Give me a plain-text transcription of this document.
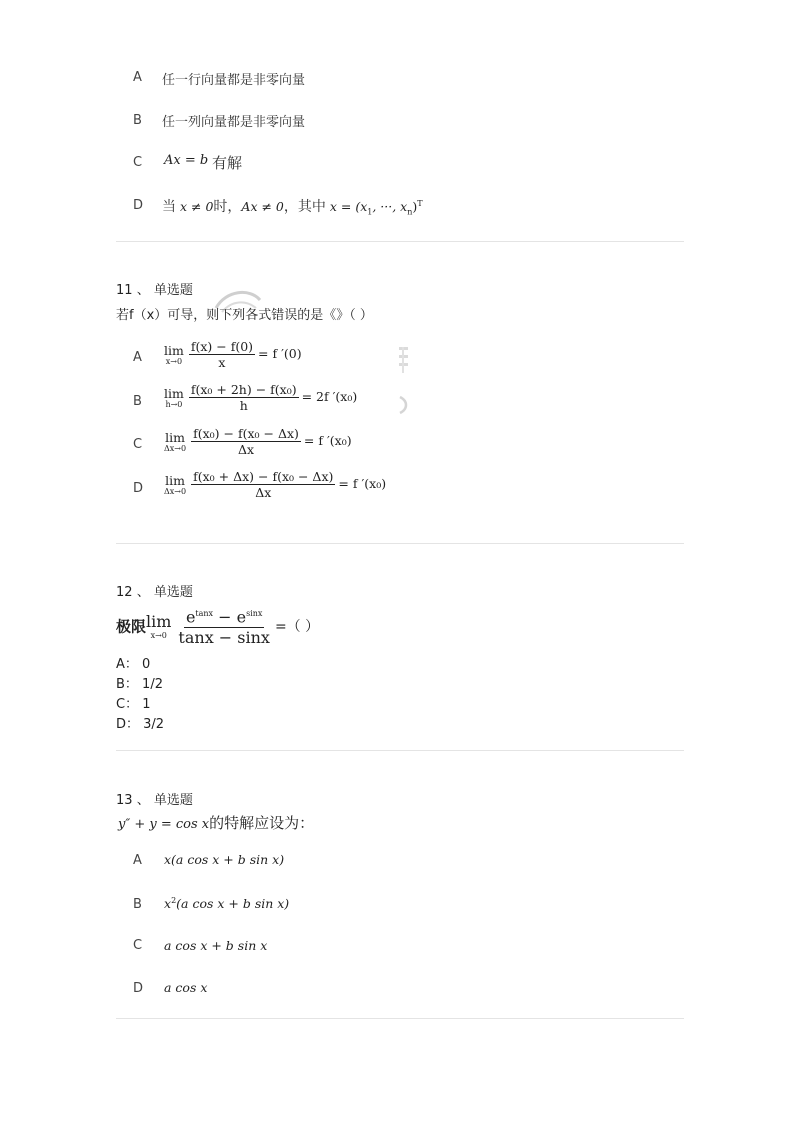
A 任一行向量都是非零向量
B 任一列向量都是非零向量
C Ax = b 有解
D 当 x ≠ 0时，Ax ≠ 0，其中 $x = (x_1$, ···, $x_n)^T$
11 、 单选题
若f（x）可导，则下列各式错误的是《》（ ）
A lim
$x\to 0 \frac{f(x) - f(0)}{x} = f$ ′(0)
B
lim
$h\to 0 \frac{\text{f(x₀ + 2h) − f(x₀)}}{h} = 2f$ ′(x₀)
C lim
$\Delta x\to 0 \frac{\text{f(x₀) − f(x₀ − Δx)}}{\Delta x} = f$ ′(x₀)
D
lim
$\Delta x\to 0 \frac{\text{f(x₀ + Δx) − f(x₀ − Δx)}}{\Delta x} = f$ ′(x₀)
12 、 单选题
极限 lim
$x\to 0 \frac{e^{tanx} - e^{sinx}}{\tan x - \sin x}$ =（ ）
A： 0
B： 1/2
C： 1
D： 3/2
13 、 单选题
y″ + y = cos x的特解应设为：
A x(a cos x + b sin x)
B $x^2(a$ cos x + b sin x)
C a cos x + b sin x
D a cos x
